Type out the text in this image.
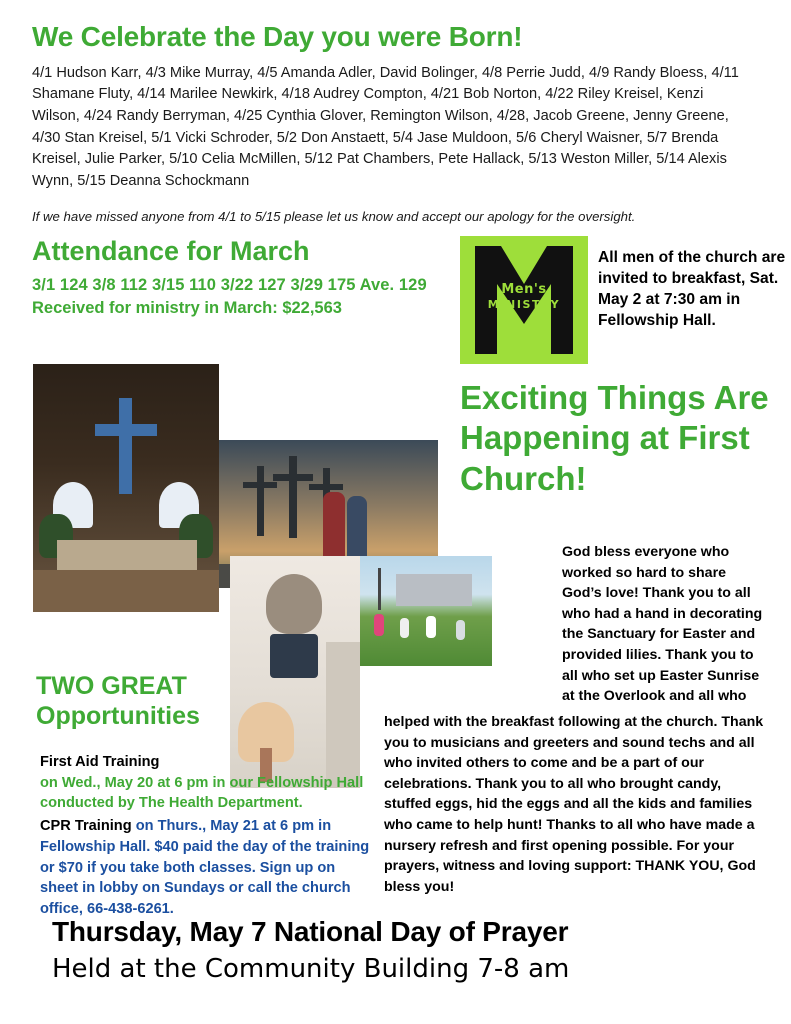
We Celebrate the Day you were Born!
4/1 Hudson Karr, 4/3 Mike Murray, 4/5 Amanda Adler, David Bolinger, 4/8 Perrie Judd, 4/9 Randy Bloess, 4/11 Shamane Fluty, 4/14 Marilee Newkirk, 4/18 Audrey Compton, 4/21 Bob Norton, 4/22 Riley Kreisel, Kenzi Wilson, 4/24 Randy Berryman, 4/25 Cynthia Glover, Remington Wilson, 4/28, Jacob Greene, Jenny Greene, 4/30 Stan Kreisel, 5/1 Vicki Schroder, 5/2 Don Anstaett, 5/4 Jase Muldoon, 5/6 Cheryl Waisner, 5/7 Brenda Kreisel, Julie Parker, 5/10 Celia McMillen, 5/12 Pat Chambers, Pete Hallack, 5/13 Weston Miller, 5/14 Alexis Wynn, 5/15 Deanna Schockmann
If we have missed anyone from 4/1 to 5/15 please let us know and accept our apology for the oversight.
Attendance for March
3/1 124 3/8 112 3/15 110 3/22 127 3/29 175 Ave. 129
Received for ministry in March: $22,563
Men's
MINISTRY
All men of the church are invited to breakfast, Sat. May 2 at 7:30 am in Fellowship Hall.
Exciting Things Are Happening at First Church!
God bless everyone who worked so hard to share God’s love! Thank you to all who had a hand in decorating the Sanctuary for Easter and provided lilies. Thank you to all who set up Easter Sunrise at the Overlook and all who
helped with the breakfast following at the church. Thank you to musicians and greeters and sound techs and all who invited others to come and be a part of our celebrations. Thank you to all who brought candy, stuffed eggs, hid the eggs and all the kids and families who came to help hunt! Thanks to all who have made a nursery refresh and first opening possible. For your prayers, witness and loving support: THANK YOU, God bless you!
TWO GREAT
Opportunities

First Aid Training
on Wed., May 20 at 6 pm in our Fellowship Hall conducted by The Health Department.

CPR Training on Thurs., May 21 at 6 pm in Fellowship Hall. $40 paid the day of the training or $70 if you take both classes. Sign up on sheet in lobby on Sundays or call the church office, 66-438-6261.

Thursday, May 7 National Day of Prayer
Held at the Community Building 7-8 am
